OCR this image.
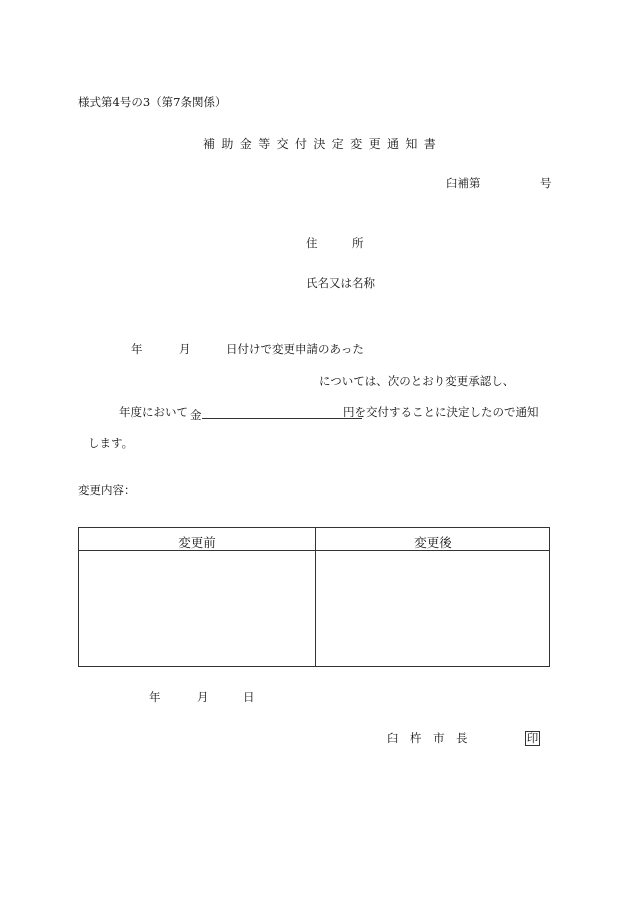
様式第4号の3（第7条関係）
補助金等交付決定変更通知書
臼補第	号
住　　　所
氏名又は名称
年	月	日付けで変更申請のあった
については、次のとおり変更承認し、
年度において 金	円を交付することに決定したので通知
します。
変更内容：
変更前	変更後
年	月	日
臼　杵　市　長	印
